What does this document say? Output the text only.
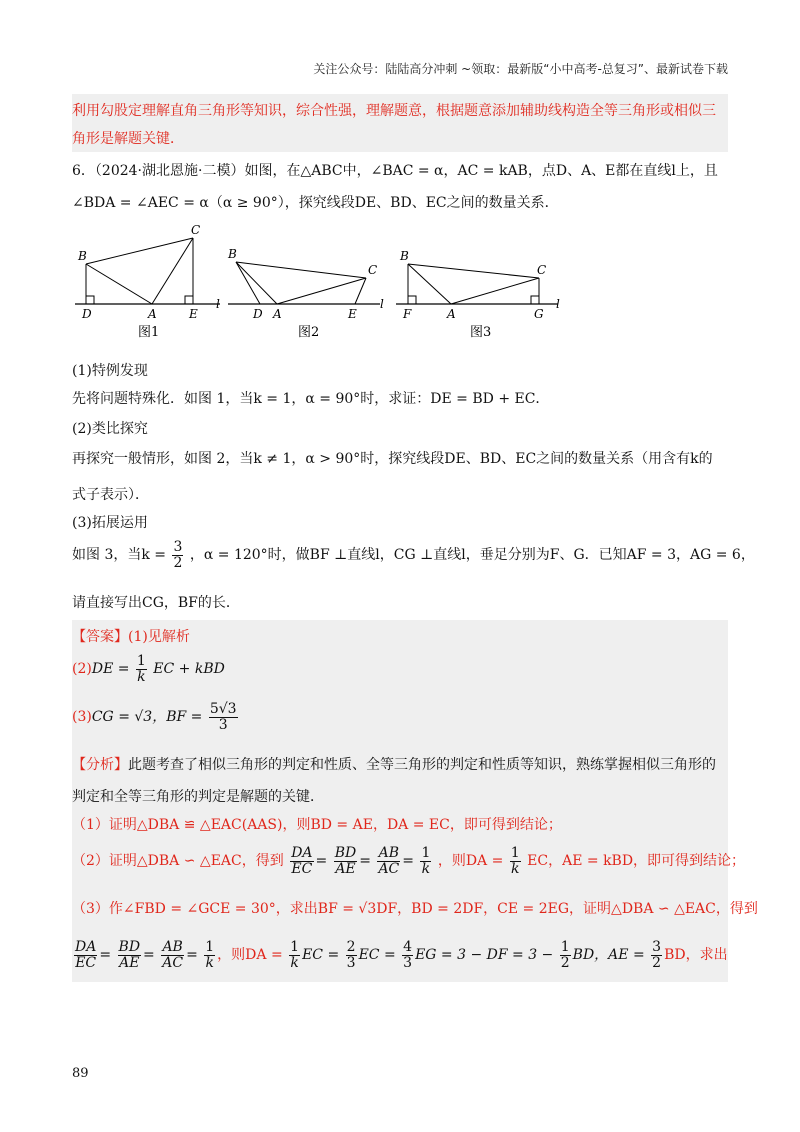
关注公众号：陆陆高分冲刺 ~领取：最新版“小中高考-总复习”、最新试卷下载
利用勾股定理解直角三角形等知识，综合性强，理解题意，根据题意添加辅助线构造全等三角形或相似三
角形是解题关键．
6．（2024·湖北恩施·二模）如图，在△ABC中，∠BAC = α，AC = kAB，点D、A、E都在直线l上，且
∠BDA = ∠AEC = α（α ≥ 90°），探究线段DE、BD、EC之间的数量关系．
B
C
D	A	E
l
图1
B
C
D A	E
l
图2
B
C
F	A	G
l
图3
(1)特例发现
先将问题特殊化．如图 1，当k = 1，α = 90°时，求证：DE = BD + EC．
(2)类比探究
再探究一般情形，如图 2，当k ≠ 1，α > 90°时，探究线段DE、BD、EC之间的数量关系（用含有k的
式子表示）．
(3)拓展运用
如图 3，当$k = \frac{3}{2}$ ，α = 120°时，做BF ⊥直线l，CG ⊥直线l，垂足分别为F、G．已知AF = 3，AG = 6，
请直接写出CG，BF的长．
【答案】(1)见解析
$(2)DE = \frac{1}{k}$ EC + kBD
(3)CG = √3，BF = $\frac{5√3}{3}$
【分析】此题考查了相似三角形的判定和性质、全等三角形的判定和性质等知识，熟练掌握相似三角形的
判定和全等三角形的判定是解题的关键．
（1）证明△DBA ≌ △EAC(AAS)，则BD = AE，DA = EC，即可得到结论；
（2）证明△DBA ∽ △EAC，得到 $\frac{DA}{EC} = \frac{BD}{AE} = \frac{AB}{AC} = \frac{1}{k}$ ，则DA = $\frac{1}{k}$ EC，AE = kBD，即可得到结论；
（3）作∠FBD = ∠GCE = 30°，求出BF = √3DF，BD = 2DF，CE = 2EG，证明△DBA ∽ △EAC，得到
$\frac{DA}{EC} = \frac{BD}{AE} = \frac{AB}{AC} = \frac{1}{k}$ ，则DA = $\frac{1}{k}$ EC = $\frac{2}{3}$ EC = $\frac{4}{3}$ EG = 3 − DF = $3 - \frac{1}{2}$ BD，AE = $\frac{3}{2}$ BD，求出
89
